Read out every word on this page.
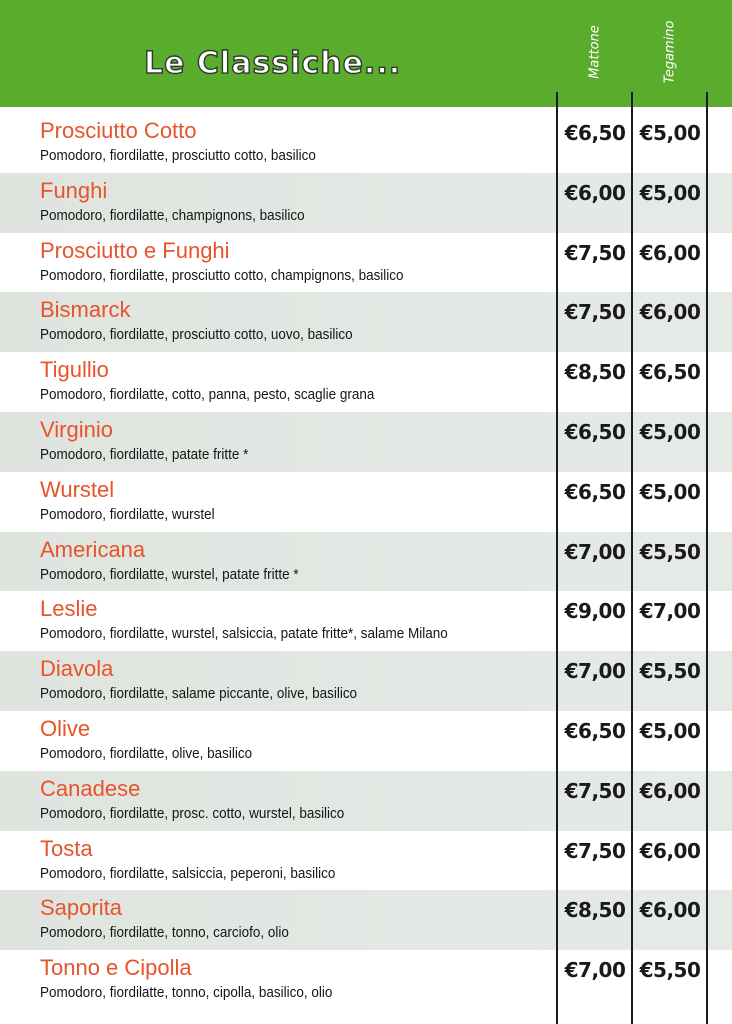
Le Classiche...	Mattone	Tegamino
Prosciutto Cotto
Pomodoro, fiordilatte, prosciutto cotto, basilico
€6,50 €5,00
Funghi
Pomodoro, fiordilatte, champignons, basilico
€6,00 €5,00
Prosciutto e Funghi
Pomodoro, fiordilatte, prosciutto cotto, champignons, basilico
€7,50 €6,00
Bismarck
Pomodoro, fiordilatte, prosciutto cotto, uovo, basilico
€7,50 €6,00
Tigullio
Pomodoro, fiordilatte, cotto, panna, pesto, scaglie grana
€8,50 €6,50
Virginio
Pomodoro, fiordilatte, patate fritte *
€6,50 €5,00
Wurstel
Pomodoro, fiordilatte, wurstel
€6,50 €5,00
Americana
Pomodoro, fiordilatte, wurstel, patate fritte *
€7,00 €5,50
Leslie
Pomodoro, fiordilatte, wurstel, salsiccia, patate fritte*, salame Milano
€9,00 €7,00
Diavola
Pomodoro, fiordilatte, salame piccante, olive, basilico
€7,00 €5,50
Olive
Pomodoro, fiordilatte, olive, basilico
€6,50 €5,00
Canadese
Pomodoro, fiordilatte, prosc. cotto, wurstel, basilico
€7,50 €6,00
Tosta
Pomodoro, fiordilatte, salsiccia, peperoni, basilico
€7,50 €6,00
Saporita
Pomodoro, fiordilatte, tonno, carciofo, olio
€8,50 €6,00
Tonno e Cipolla
Pomodoro, fiordilatte, tonno, cipolla, basilico, olio
€7,00 €5,50
